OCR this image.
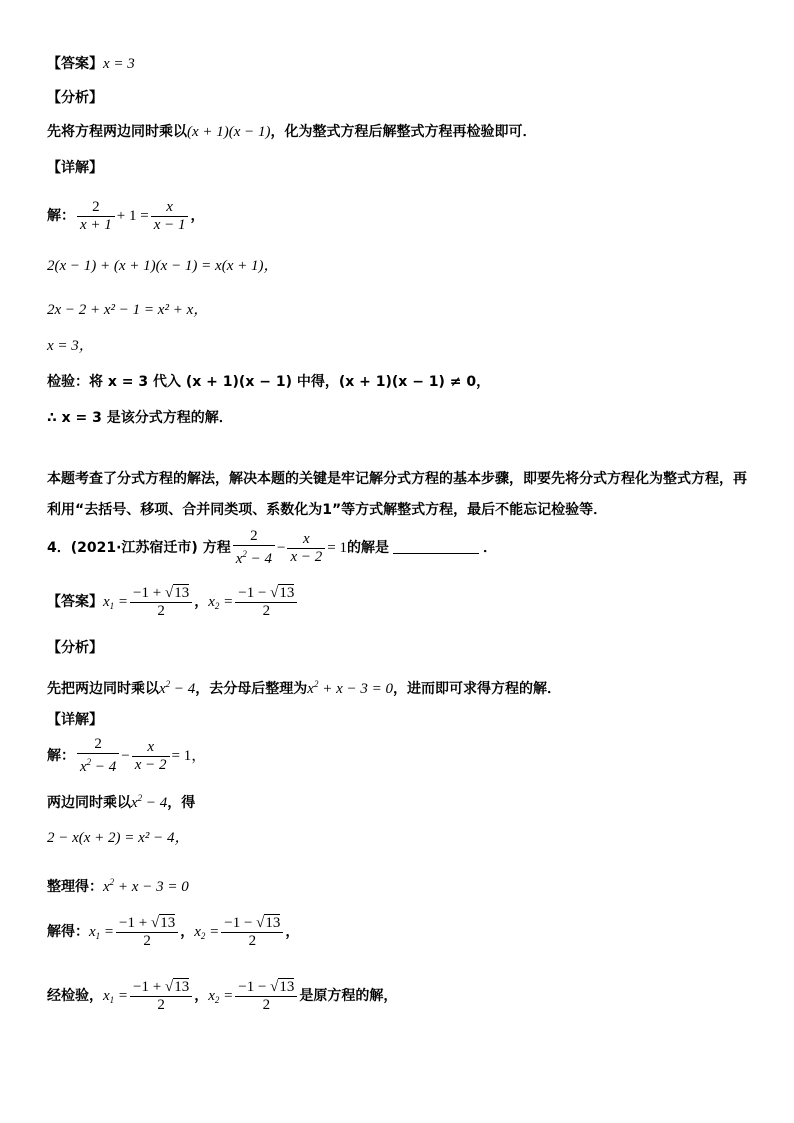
【答案】x = 3
【分析】
先将方程两边同时乘以(x + 1)(x − 1)，化为整式方程后解整式方程再检验即可．
【详解】
解： $\frac{2}{x + 1} + 1 = \frac{x}{x - 1}$ ，
2(x − 1) + (x + 1)(x − 1) = x(x + 1)，
2x − 2 + x² − 1 = x² + x，
x = 3，
检验：将 x = 3 代入 (x + 1)(x − 1) 中得，(x + 1)(x − 1) ≠ 0，
∴ x = 3 是该分式方程的解．
本题考查了分式方程的解法，解决本题的关键是牢记解分式方程的基本步骤，即要先将分式方程化为整式方程，再利用“去括号、移项、合并同类项、系数化为1”等方式解整式方程，最后不能忘记检验等．
4．(2021·江苏宿迁市) 方程 $\frac{2}{x^2 - 4} - \frac{x}{x - 2} = 1$的解是	．
【答案】$x_1 = \frac{-1 + √13}{2}$ ，$x_2 = \frac{-1 - √13}{2}$
【分析】
先把两边同时乘以$x^2 - 4$，去分母后整理为$x^2 + x - 3 = 0$，进而即可求得方程的解．
【详解】
解： $\frac{2}{x^2 - 4} - \frac{x}{x - 2} = 1$，
两边同时乘以$x^2 - 4$，得
2 − x(x + 2) = x² − 4，
整理得：$x^2 + x - 3 = 0$
解得：$x_1 = \frac{-1 + √13}{2}$ ，$x_2 = \frac{-1 - √13}{2}$ ，
经检验，$x_1 = \frac{-1 + √13}{2}$ ，$x_2 = \frac{-1 - √13}{2}$ 是原方程的解，
